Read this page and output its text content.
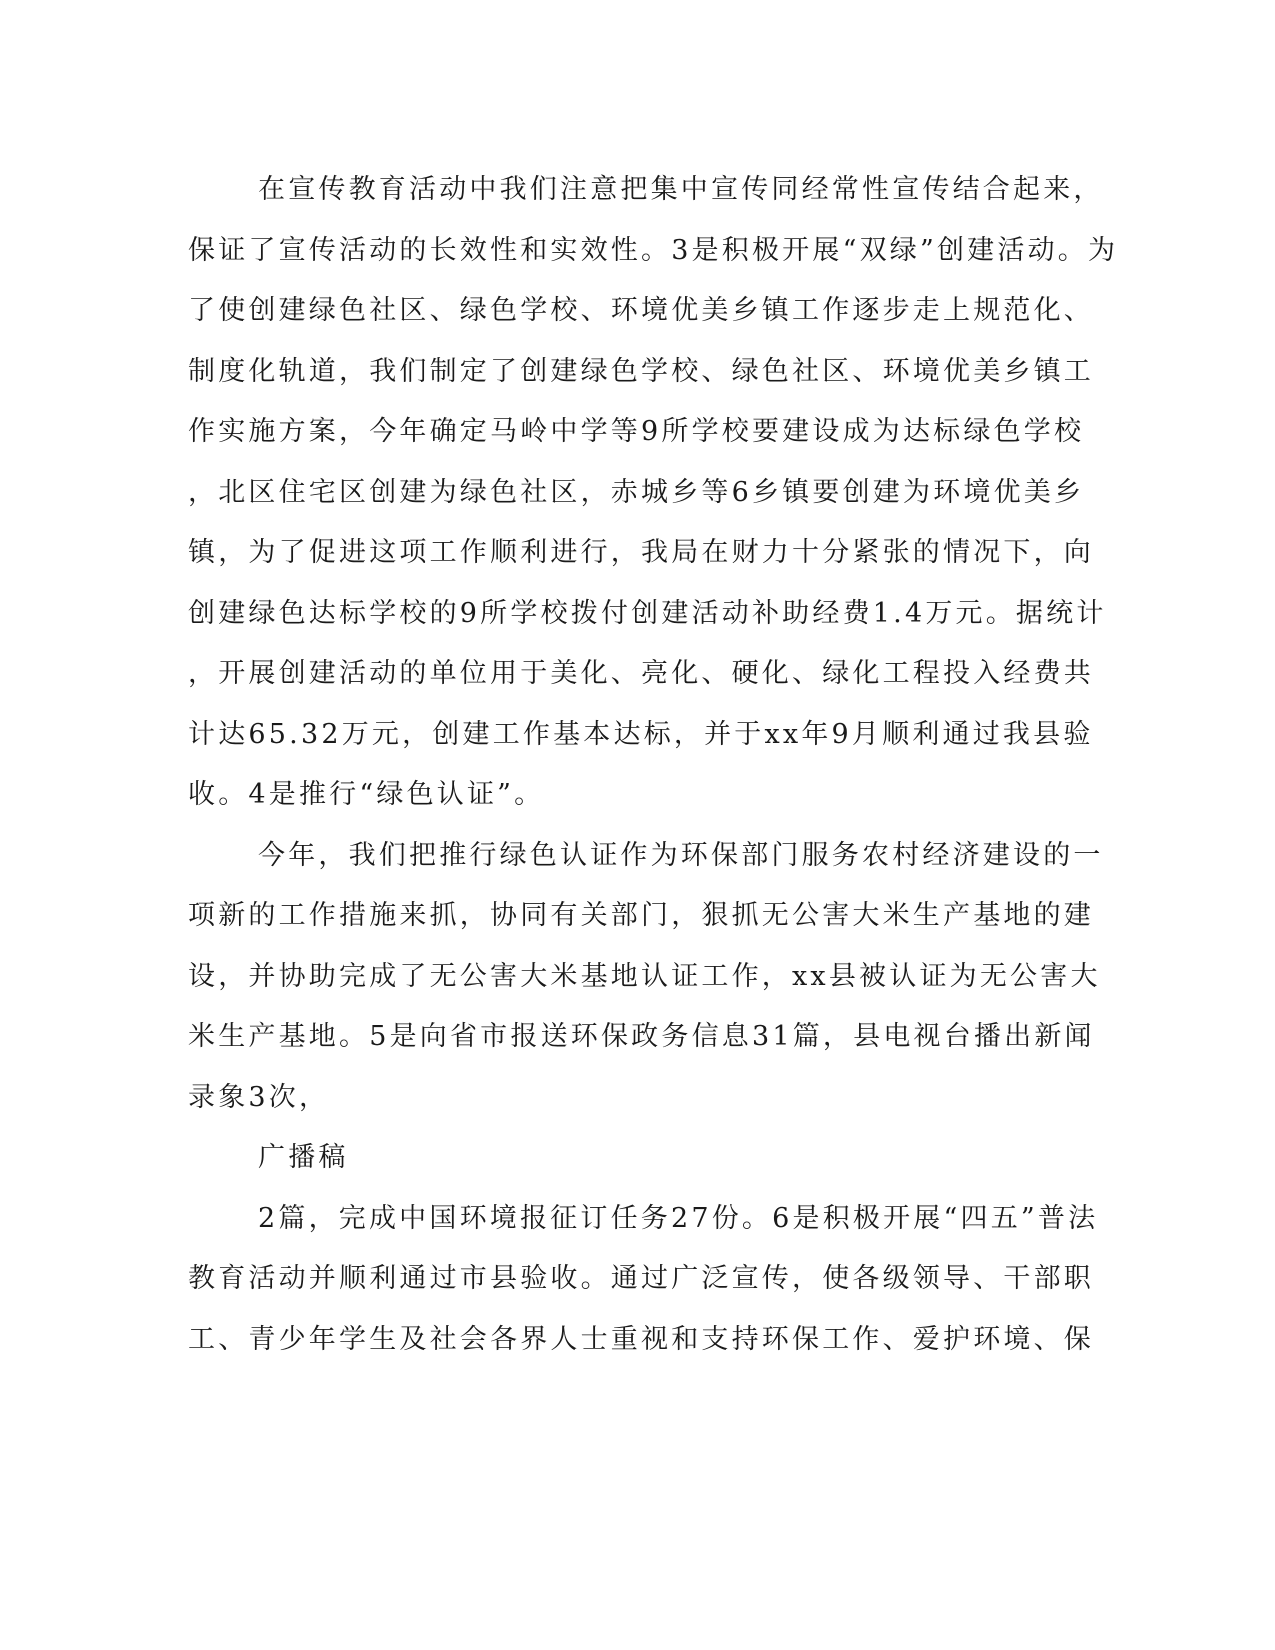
在宣传教育活动中我们注意把集中宣传同经常性宣传结合起来，
保证了宣传活动的长效性和实效性。3是积极开展“双绿”创建活动。为
了使创建绿色社区、绿色学校、环境优美乡镇工作逐步走上规范化、
制度化轨道，我们制定了创建绿色学校、绿色社区、环境优美乡镇工
作实施方案，今年确定马岭中学等9所学校要建设成为达标绿色学校
，北区住宅区创建为绿色社区，赤城乡等6乡镇要创建为环境优美乡
镇，为了促进这项工作顺利进行，我局在财力十分紧张的情况下，向
创建绿色达标学校的9所学校拨付创建活动补助经费1.4万元。据统计
，开展创建活动的单位用于美化、亮化、硬化、绿化工程投入经费共
计达65.32万元，创建工作基本达标，并于xx年9月顺利通过我县验
收。4是推行“绿色认证”。
今年，我们把推行绿色认证作为环保部门服务农村经济建设的一
项新的工作措施来抓，协同有关部门，狠抓无公害大米生产基地的建
设，并协助完成了无公害大米基地认证工作，xx县被认证为无公害大
米生产基地。5是向省市报送环保政务信息31篇，县电视台播出新闻
录象3次，
广播稿
2篇，完成中国环境报征订任务27份。6是积极开展“四五”普法
教育活动并顺利通过市县验收。通过广泛宣传，使各级领导、干部职
工、青少年学生及社会各界人士重视和支持环保工作、爱护环境、保
